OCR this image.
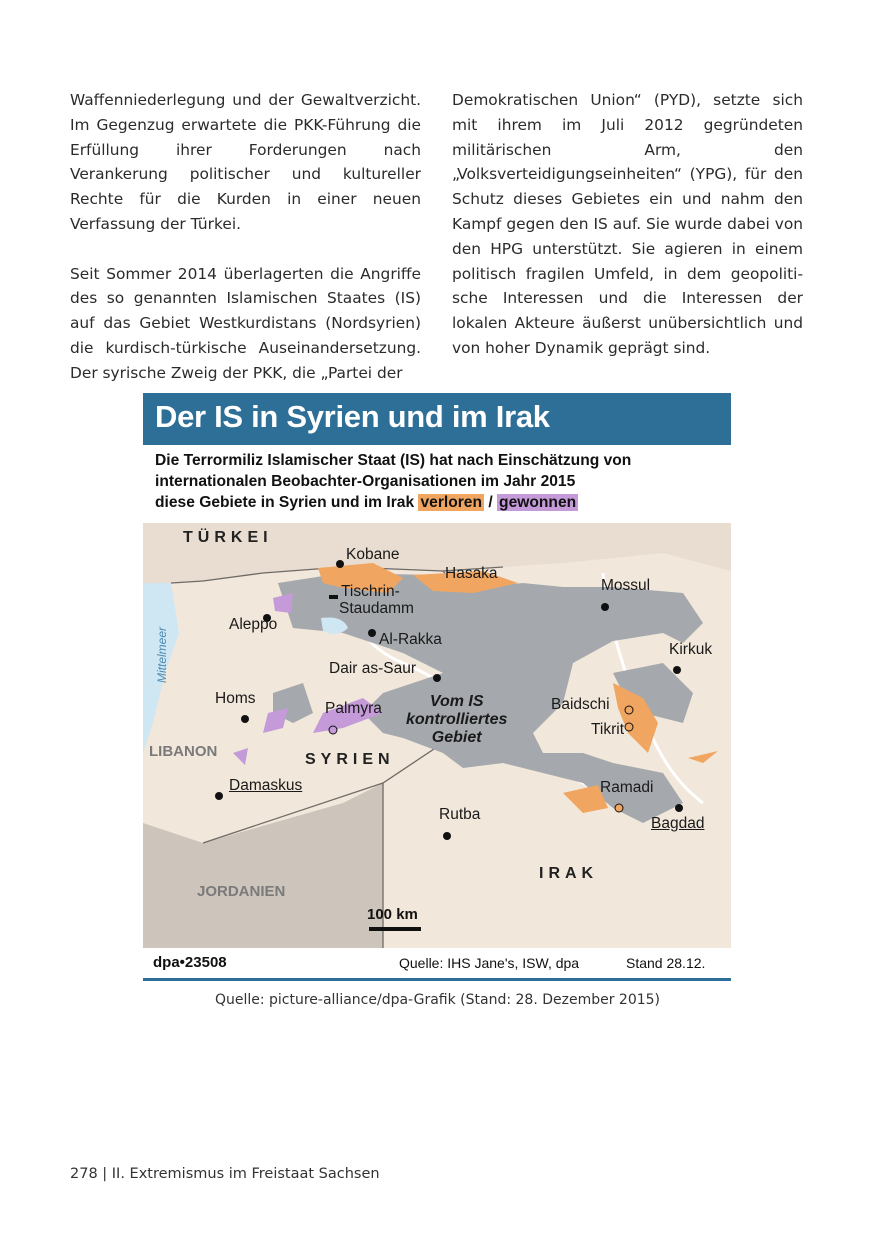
Waffenniederlegung und der Gewaltverzicht. Im Gegenzug erwartete die PKK-Führung die Erfüllung ihrer Forderungen nach Verankerung politischer und kultureller Rechte für die Kurden in einer neuen Verfassung der Türkei.

Seit Sommer 2014 überlagerten die Angriffe des so genannten Islamischen Staates (IS) auf das Gebiet Westkurdistans (Nordsyrien) die kurdisch-türkische Auseinandersetzung. Der syrische Zweig der PKK, die „Partei der

Demokratischen Union“ (PYD), setzte sich mit ihrem im Juli 2012 gegründeten militärischen Arm, den „Volksverteidigungseinheiten“ (YPG), für den Schutz dieses Gebietes ein und nahm den Kampf gegen den IS auf. Sie wurde dabei von den HPG unterstützt. Sie agieren in einem politisch fragilen Umfeld, in dem geopolitische Interessen und die Interessen der lokalen Akteure äußerst unübersichtlich und von hoher Dynamik geprägt sind.

Der IS in Syrien und im Irak
Die Terrormiliz Islamischer Staat (IS) hat nach Einschätzung von
internationalen Beobachter-Organisationen im Jahr 2015
diese Gebiete in Syrien und im Irak verloren / gewonnen
TÜRKEI
SYRIEN
IRAK
LIBANON
JORDANIEN
Mittelmeer
Kobane
Hasaka
Mossul
Tischrin-
Staudamm
Aleppo
Al-Rakka
Kirkuk
Dair as-Saur
Homs
Palmyra	Baidschi
Tikrit
Damaskus	Ramadi
Rutba
Bagdad
Vom IS
kontrolliertes
Gebiet
100 km
dpa•23508	Quelle: IHS Jane's, ISW, dpa	Stand 28.12.
Quelle: picture-alliance/dpa-Grafik (Stand: 28. Dezember 2015)
278 | II. Extremismus im Freistaat Sachsen
